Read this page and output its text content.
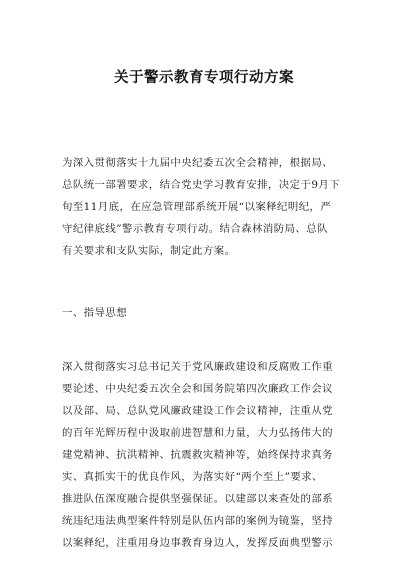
关于警示教育专项行动方案
为深入贯彻落实十九届中央纪委五次全会精神，根据局、
总队统一部署要求，结合党史学习教育安排，决定于9月下
旬至11月底，在应急管理部系统开展“以案释纪明纪，严
守纪律底线”警示教育专项行动。结合森林消防局、总队
有关要求和支队实际，制定此方案。
一、指导思想
深入贯彻落实习总书记关于党风廉政建设和反腐败工作重
要论述、中央纪委五次全会和国务院第四次廉政工作会议
以及部、局、总队党风廉政建设工作会议精神，注重从党
的百年光辉历程中汲取前进智慧和力量，大力弘扬伟大的
建党精神、抗洪精神、抗震救灾精神等，始终保持求真务
实、真抓实干的优良作风，为落实好“两个至上”要求、
推进队伍深度融合提供坚强保证。以建部以来查处的部系
统违纪违法典型案件特别是队伍内部的案例为镜鉴，坚持
以案释纪，注重用身边事教育身边人，发挥反面典型警示
